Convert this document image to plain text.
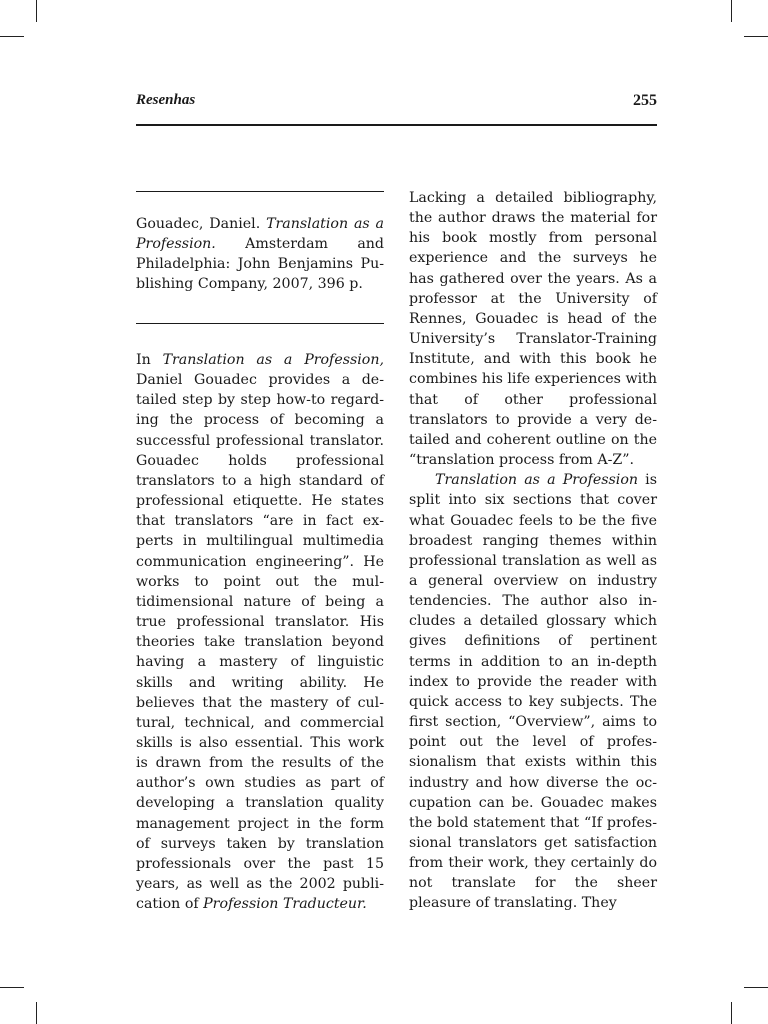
Resenhas	255

Gouadec, Daniel. Translation as a Profession. Amsterdam and Philadelphia: John Benjamins Publishing Company, 2007, 396 p.

In Translation as a Profession, Daniel Gouadec provides a detailed step by step how-to regarding the process of becoming a successful professional translator. Gouadec holds professional translators to a high standard of professional etiquette. He states that translators “are in fact experts in multilingual multimedia communication engineering”. He works to point out the multidimensional nature of being a true professional translator. His theories take translation beyond having a mastery of linguistic skills and writing ability. He believes that the mastery of cultural, technical, and commercial skills is also essential. This work is drawn from the results of the author’s own studies as part of developing a translation quality management project in the form of surveys taken by translation professionals over the past 15 years, as well as the 2002 publication of Profession Traducteur.

Lacking a detailed bibliography, the author draws the material for his book mostly from personal experience and the surveys he has gathered over the years. As a professor at the University of Rennes, Gouadec is head of the University’s Translator-Training Institute, and with this book he combines his life experiences with that of other professional translators to provide a very detailed and coherent outline on the “translation process from A-Z”.

Translation as a Profession is split into six sections that cover what Gouadec feels to be the five broadest ranging themes within professional translation as well as a general overview on industry tendencies. The author also includes a detailed glossary which gives definitions of pertinent terms in addition to an in-depth index to provide the reader with quick access to key subjects. The first section, “Overview”, aims to point out the level of professionalism that exists within this industry and how diverse the occupation can be. Gouadec makes the bold statement that “If professional translators get satisfaction from their work, they certainly do not translate for the sheer pleasure of translating. They
